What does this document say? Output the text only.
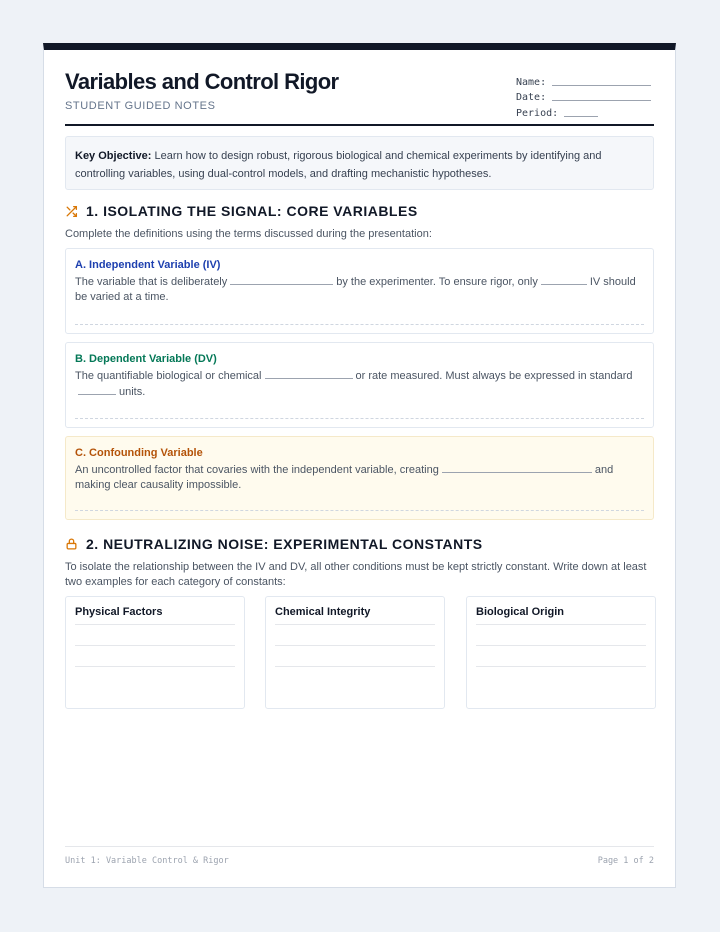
Variables and Control Rigor
STUDENT GUIDED NOTES
Name:
Date:
Period:
Key Objective: Learn how to design robust, rigorous biological and chemical experiments by identifying and controlling variables, using dual-control models, and drafting mechanistic hypotheses.
1. ISOLATING THE SIGNAL: CORE VARIABLES
Complete the definitions using the terms discussed during the presentation:
A. Independent Variable (IV)
The variable that is deliberately	by the experimenter. To ensure rigor, only	IV should be varied at a time.
B. Dependent Variable (DV)
The quantifiable biological or chemical	or rate measured. Must always be expressed in standardunits.
C. Confounding Variable
An uncontrolled factor that covaries with the independent variable, creating	and making clear causality impossible.
2. NEUTRALIZING NOISE: EXPERIMENTAL CONSTANTS
To isolate the relationship between the IV and DV, all other conditions must be kept strictly constant. Write down at least two examples for each category of constants:
Physical Factors	Chemical Integrity	Biological Origin
Unit 1: Variable Control & Rigor	Page 1 of 2
